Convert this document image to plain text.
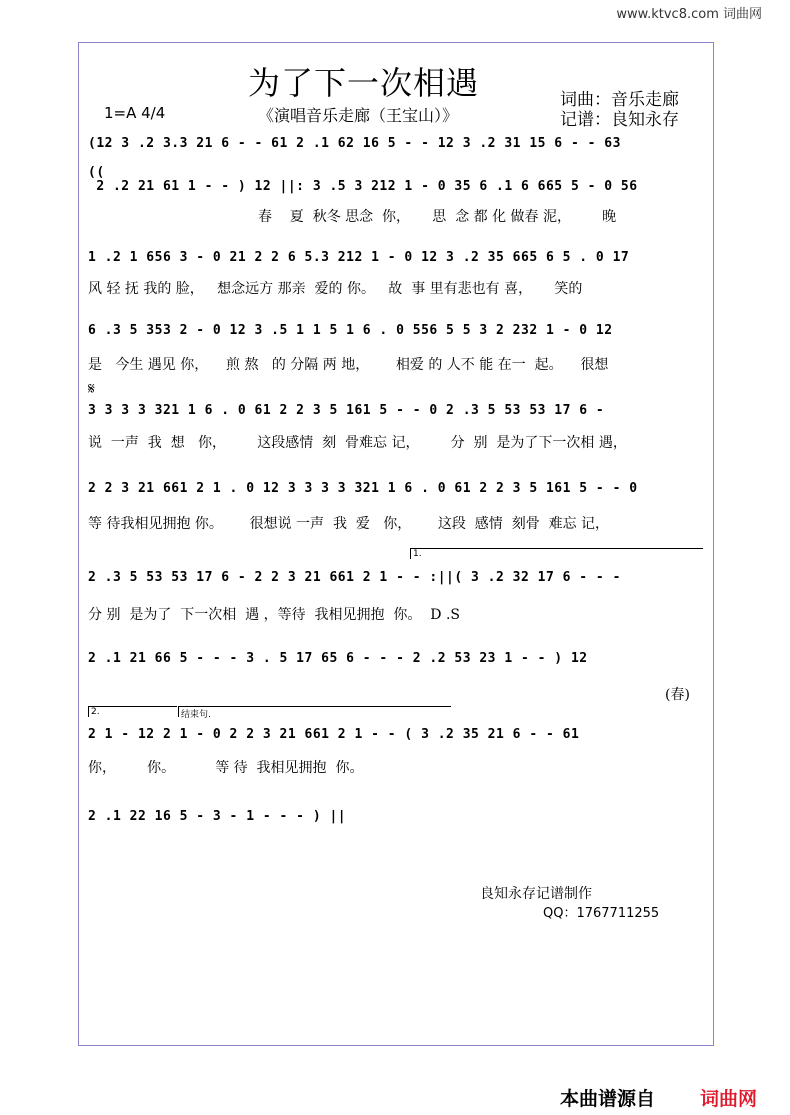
www.ktvc8.com 词曲网
为了下一次相遇	词曲：音乐走廊
记谱：良知永存
1=A 4/4	《演唱音乐走廊（王宝山）》
(12 3 .2 3.3 21 6 - - 61 2 .1 62 16 5 - - 12 3 .2 31 15 6 - - 63
((
2 .2 21 61 1 - - ) 12 ||: 3 .5 3 212 1 - 0 35 6 .1 6 665 5 - 0 56
春    夏  秋冬 思念  你，     思  念 都 化 做春 泥，       晚
1 .2 1 656 3 - 0 21 2 2 6 5.3 212 1 - 0 12 3 .2 35 665 6 5 . 0 17
风 轻 抚 我的 脸，   想念远方 那亲  爱的 你。   故  事 里有悲也有 喜，     笑的
6 .3 5 353 2 - 0 12 3 .5 1 1 5 1 6 . 0 556 5 5 3 2 232 1 - 0 12
是   今生 遇见 你，    煎 熬   的 分隔 两 地，      相爱 的 人不 能 在一  起。    很想
𝄋
3 3 3 3 321 1 6 . 0 61 2 2 3 5 161 5 - - 0 2 .3 5 53 53 17 6 -
说  一声  我  想   你，       这段感情  刻  骨难忘 记，       分  别  是为了下一次相 遇，
2 2 3 21 661 2 1 . 0 12 3 3 3 3 321 1 6 . 0 61 2 2 3 5 161 5 - - 0
等 待我相见拥抱 你。      很想说 一声  我  爱   你，      这段  感情  刻骨  难忘 记，
1.
2 .3 5 53 53 17 6 - 2 2 3 21 661 2 1 - - :||( 3 .2 32 17 6 - - -
分 别  是为了  下一次相  遇 ，等待  我相见拥抱  你。  D .S
2 .1 21 66 5 - - - 3 . 5 17 65 6 - - - 2 .2 53 23 1 - - ) 12
(春)
2.	结束句.
2 1 - 12 2 1 - 0 2 2 3 21 661 2 1 - - ( 3 .2 35 21 6 - - 61
你，       你。         等 待  我相见拥抱  你。
2 .1 22 16 5 - 3 - 1 - - - ) ||
良知永存记谱制作
QQ：1767711255
本曲谱源自 词曲网
